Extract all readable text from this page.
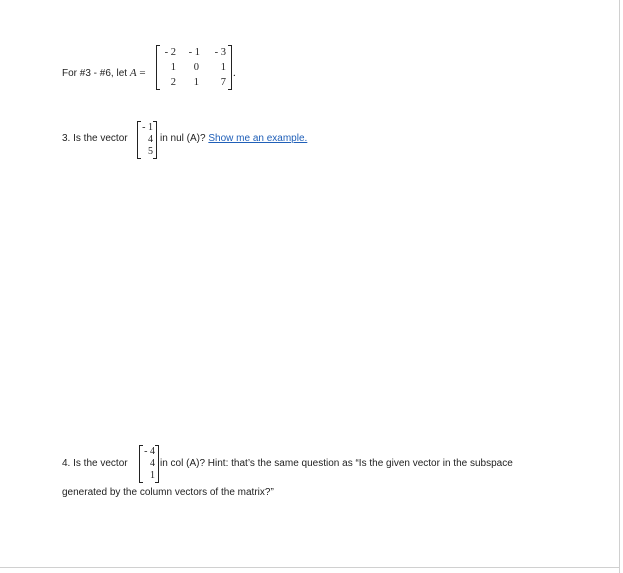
For #3 - #6, let A =
- 2	- 1	- 3
1	0	1
2	1	7
.
3. Is the vector
- 1
4
5
in nul (A)? Show me an example.
4. Is the vector
- 4
4
1
in col (A)? Hint: that’s the same question as “Is the given vector in the subspace
generated by the column vectors of the matrix?”
